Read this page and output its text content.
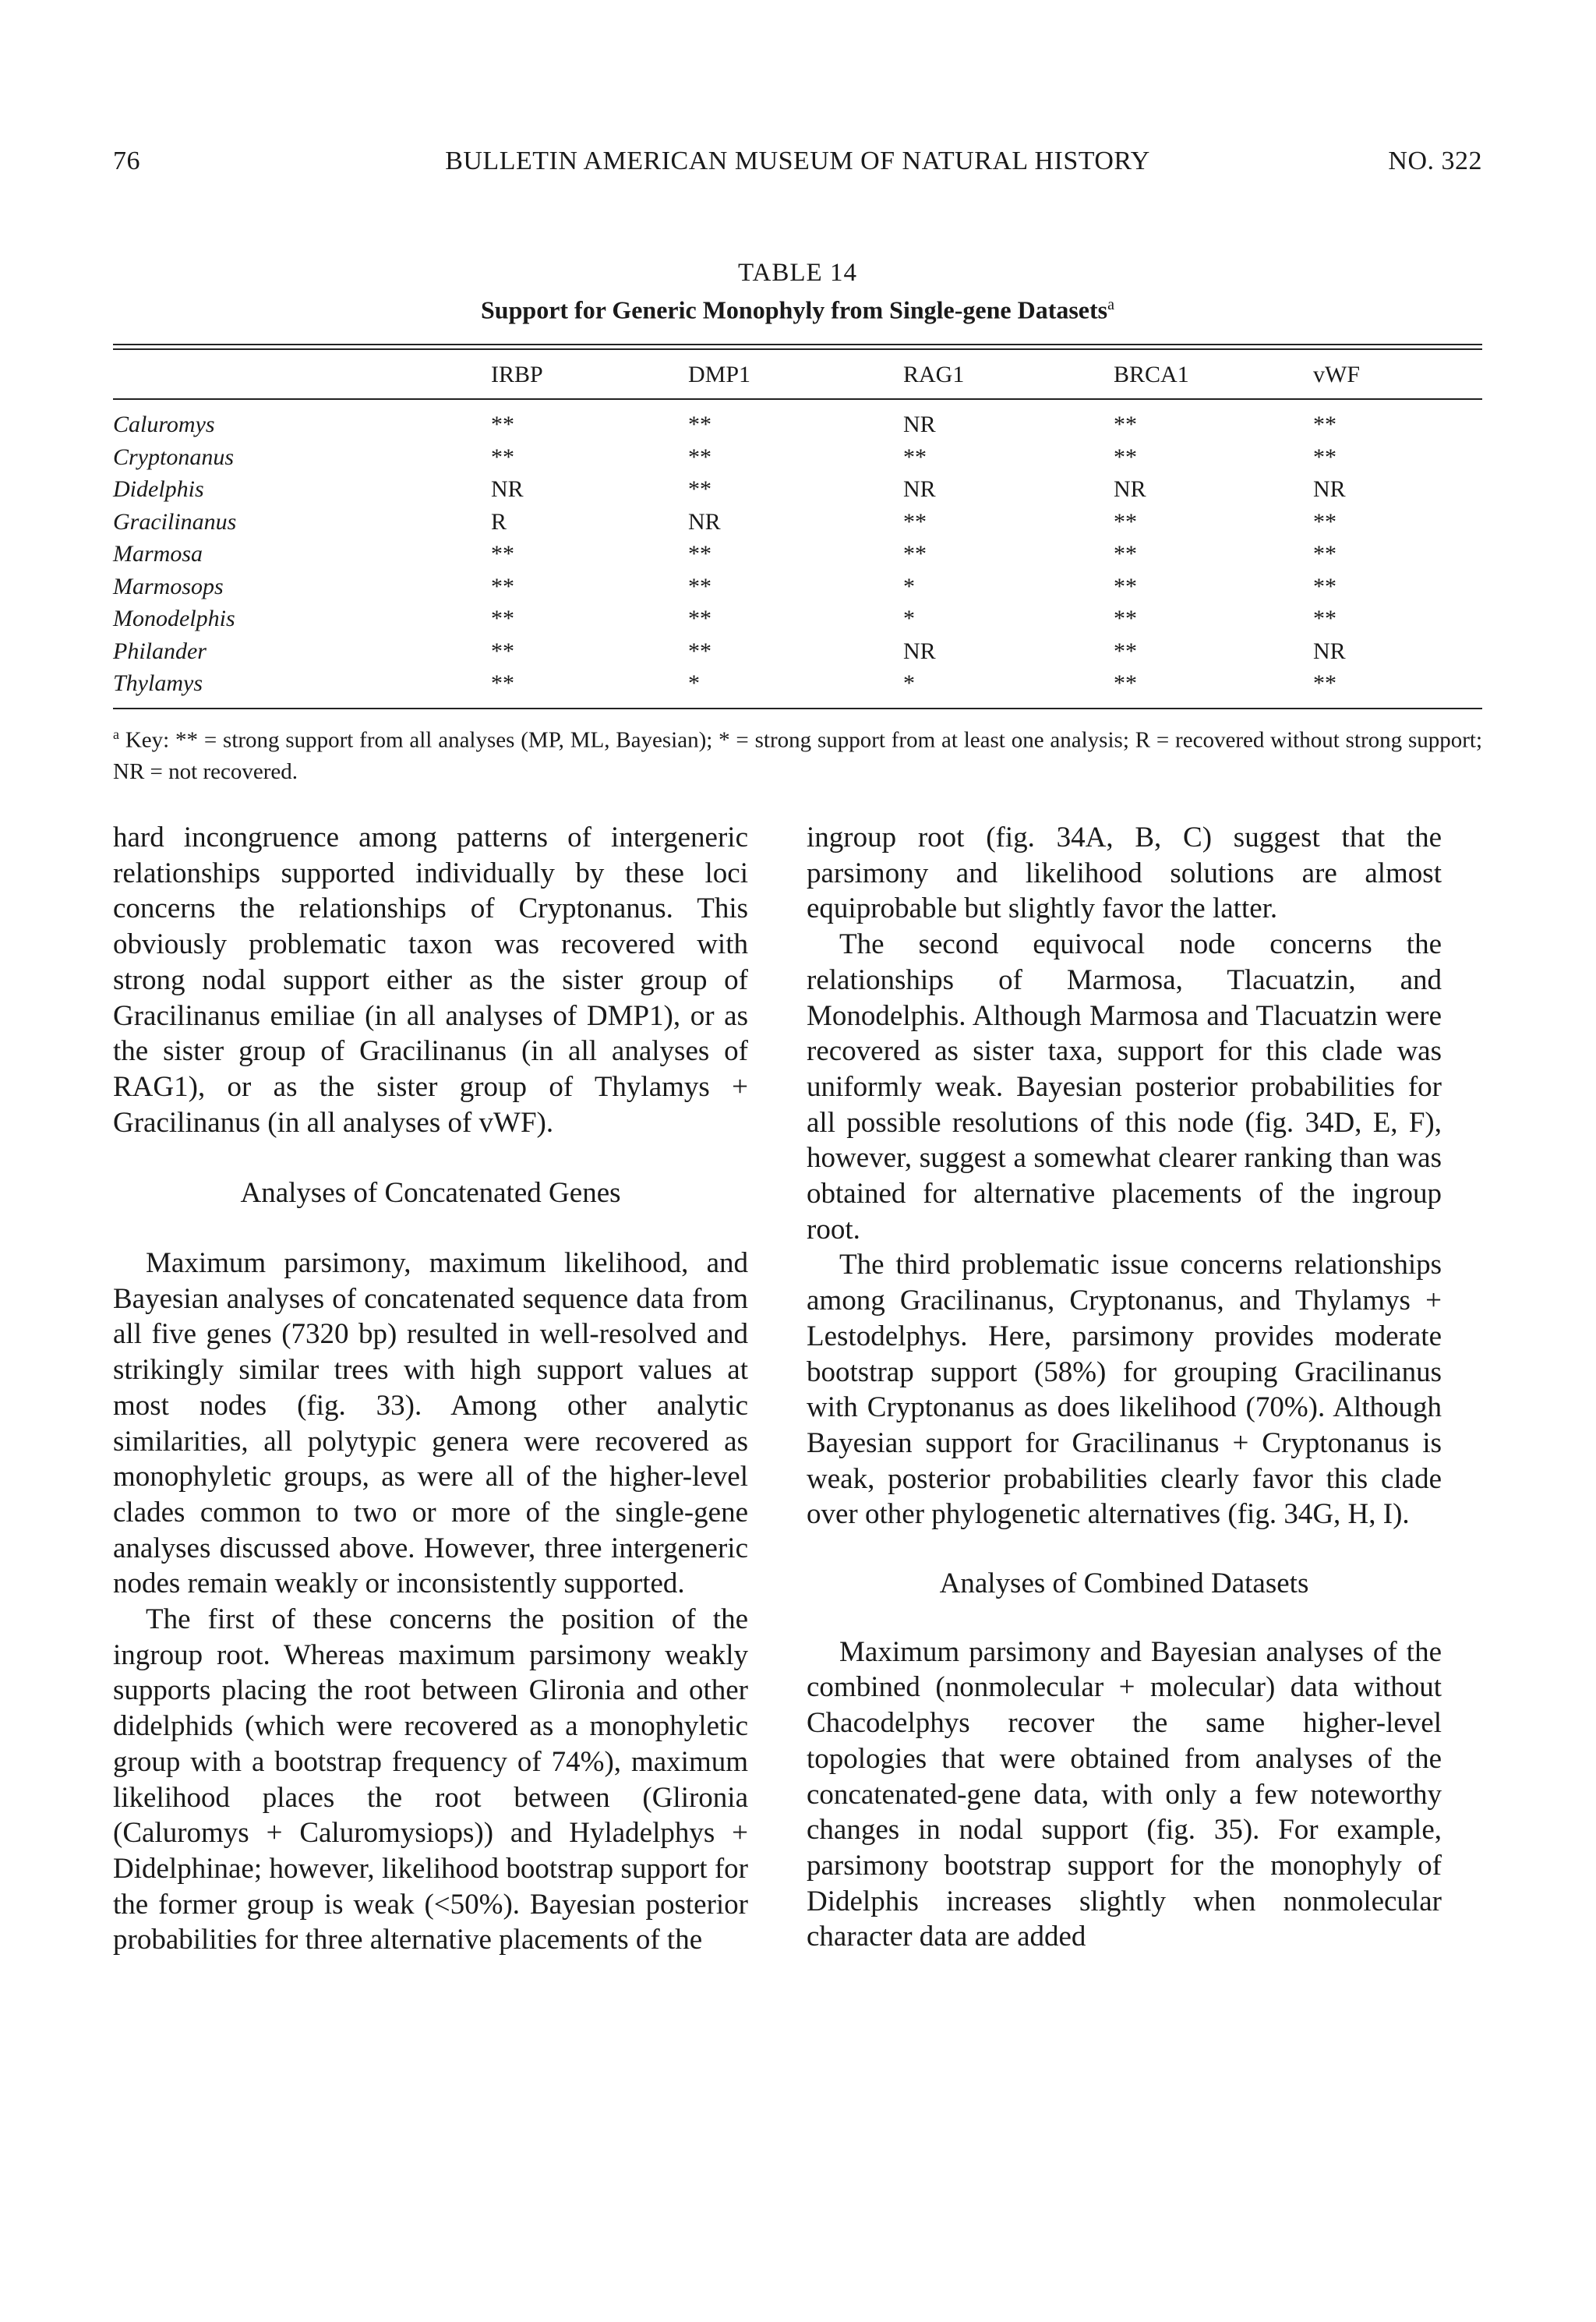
76	BULLETIN AMERICAN MUSEUM OF NATURAL HISTORY	NO. 322
TABLE 14
Support for Generic Monophyly from Single-gene Datasets$^a$
	IRBP	DMP1	RAG1	BRCA1	vWF

Caluromys	**	**	NR	**	**
Cryptonanus	**	**	**	**	**
Didelphis	NR	**	NR	NR	NR
Gracilinanus	R	NR	**	**	**
Marmosa	**	**	**	**	**
Marmosops	**	**	*	**	**
Monodelphis	**	**	*	**	**
Philander	**	**	NR	**	NR
Thylamys	**	*	*	**	**

$^a$ Key: ** = strong support from all analyses (MP, ML, Bayesian); * = strong support from at least one analysis; R = recovered without strong support; NR = not recovered.

hard incongruence among patterns of intergeneric relationships supported individually by these loci concerns the relationships of Cryptonanus. This obviously problematic taxon was recovered with strong nodal support either as the sister group of Gracilinanus emiliae (in all analyses of DMP1), or as the sister group of Gracilinanus (in all analyses of RAG1), or as the sister group of Thylamys + Gracilinanus (in all analyses of vWF).

Analyses of Concatenated Genes

Maximum parsimony, maximum likelihood, and Bayesian analyses of concatenated sequence data from all five genes (7320 bp) resulted in well-resolved and strikingly similar trees with high support values at most nodes (fig. 33). Among other analytic similarities, all polytypic genera were recovered as monophyletic groups, as were all of the higher-level clades common to two or more of the single-gene analyses discussed above. However, three intergeneric nodes remain weakly or inconsistently supported.

The first of these concerns the position of the ingroup root. Whereas maximum parsimony weakly supports placing the root between Glironia and other didelphids (which were recovered as a monophyletic group with a bootstrap frequency of 74%), maximum likelihood places the root between (Glironia (Caluromys + Caluromysiops)) and Hyladelphys + Didelphinae; however, likelihood bootstrap support for the former group is weak (<50%). Bayesian posterior probabilities for three alternative placements of the

ingroup root (fig. 34A, B, C) suggest that the parsimony and likelihood solutions are almost equiprobable but slightly favor the latter.

The second equivocal node concerns the relationships of Marmosa, Tlacuatzin, and Monodelphis. Although Marmosa and Tlacuatzin were recovered as sister taxa, support for this clade was uniformly weak. Bayesian posterior probabilities for all possible resolutions of this node (fig. 34D, E, F), however, suggest a somewhat clearer ranking than was obtained for alternative placements of the ingroup root.

The third problematic issue concerns relationships among Gracilinanus, Cryptonanus, and Thylamys + Lestodelphys. Here, parsimony provides moderate bootstrap support (58%) for grouping Gracilinanus with Cryptonanus as does likelihood (70%). Although Bayesian support for Gracilinanus + Cryptonanus is weak, posterior probabilities clearly favor this clade over other phylogenetic alternatives (fig. 34G, H, I).

Analyses of Combined Datasets

Maximum parsimony and Bayesian analyses of the combined (nonmolecular + molecular) data without Chacodelphys recover the same higher-level topologies that were obtained from analyses of the concatenated-gene data, with only a few noteworthy changes in nodal support (fig. 35). For example, parsimony bootstrap support for the monophyly of Didelphis increases slightly when nonmolecular character data are added
